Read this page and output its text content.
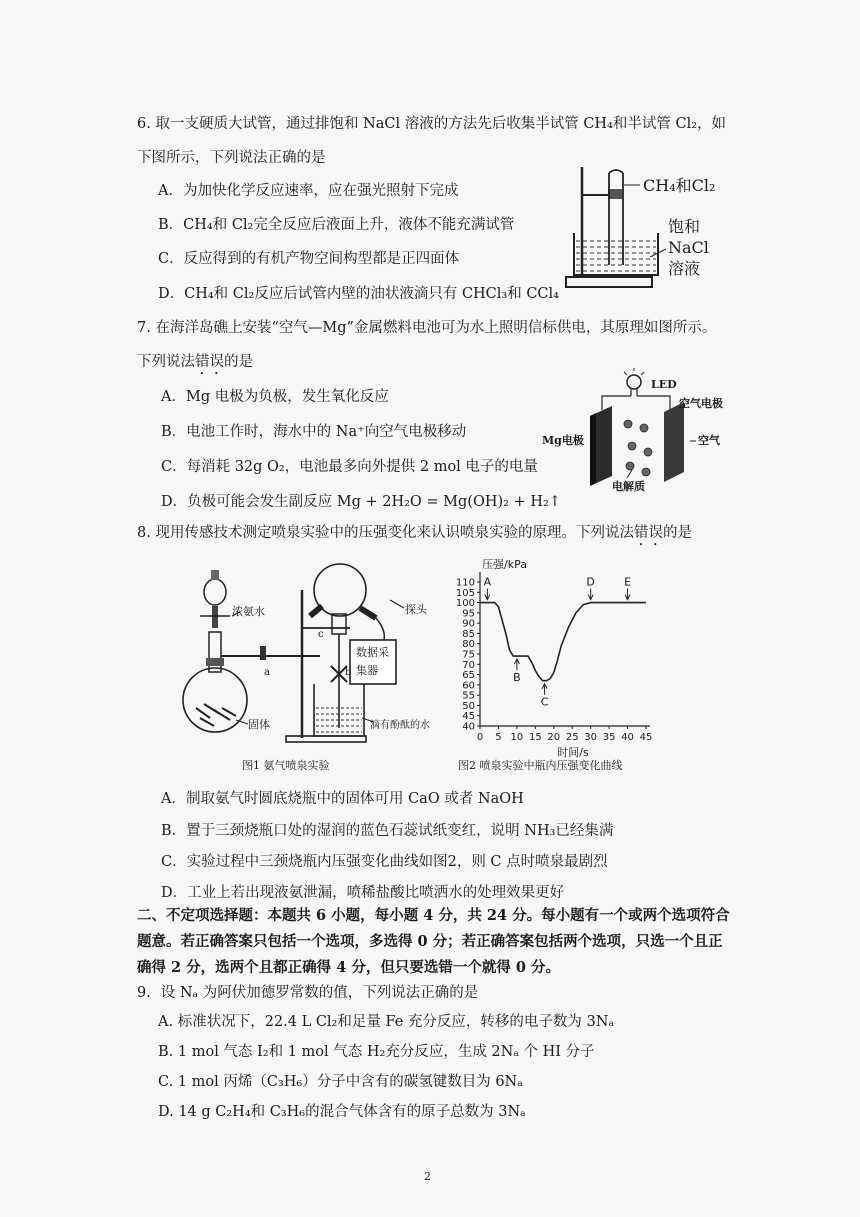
6. 取一支硬质大试管，通过排饱和 NaCl 溶液的方法先后收集半试管 CH₄和半试管 Cl₂，如
下图所示，下列说法正确的是
A．为加快化学反应速率，应在强光照射下完成
B．CH₄和 Cl₂完全反应后液面上升，液体不能充满试管
C．反应得到的有机产物空间构型都是正四面体
D．CH₄和 Cl₂反应后试管内壁的油状液滴只有 CHCl₃和 CCl₄
CH₄和Cl₂
饱和
NaCl
溶液
7. 在海洋岛礁上安装“空气—Mg”金属燃料电池可为水上照明信标供电，其原理如图所示。
下列说法错误的是
A．Mg 电极为负极，发生氧化反应
B．电池工作时，海水中的 Na⁺向空气电极移动
C．每消耗 32g O₂，电池最多向外提供 2 mol 电子的电量
D．负极可能会发生副反应 Mg + 2H₂O = Mg(OH)₂ + H₂↑
LED
空气电极
Mg电极	空气
电解质
8. 现用传感技术测定喷泉实验中的压强变化来认识喷泉实验的原理。下列说法错误的是
浓氨水	探头
数据采
集器
固体	滴有酚酞的水
a	b
c
图1 氨气喷泉实验
40
45
50
55
60
65
70
75
80
85
90
95
100
105
110
0 5 10 15 20 25 30 35 40 45
压强/kPa
时间/s
A
B
C
D	E
图2 喷泉实验中瓶内压强变化曲线
A．制取氨气时圆底烧瓶中的固体可用 CaO 或者 NaOH
B．置于三颈烧瓶口处的湿润的蓝色石蕊试纸变红，说明 NH₃已经集满
C．实验过程中三颈烧瓶内压强变化曲线如图2，则 C 点时喷泉最剧烈
D．工业上若出现液氨泄漏，喷稀盐酸比喷洒水的处理效果更好
二、不定项选择题：本题共 6 小题，每小题 4 分，共 24 分。每小题有一个或两个选项符合
题意。若正确答案只包括一个选项，多选得 0 分；若正确答案包括两个选项，只选一个且正
确得 2 分，选两个且都正确得 4 分，但只要选错一个就得 0 分。
9．设 Nₐ 为阿伏加德罗常数的值，下列说法正确的是
A. 标准状况下，22.4 L Cl₂和足量 Fe 充分反应，转移的电子数为 3Nₐ
B. 1 mol 气态 I₂和 1 mol 气态 H₂充分反应，生成 2Nₐ 个 HI 分子
C. 1 mol 丙烯（C₃H₆）分子中含有的碳氢键数目为 6Nₐ
D. 14 g C₂H₄和 C₃H₆的混合气体含有的原子总数为 3Nₐ
2
